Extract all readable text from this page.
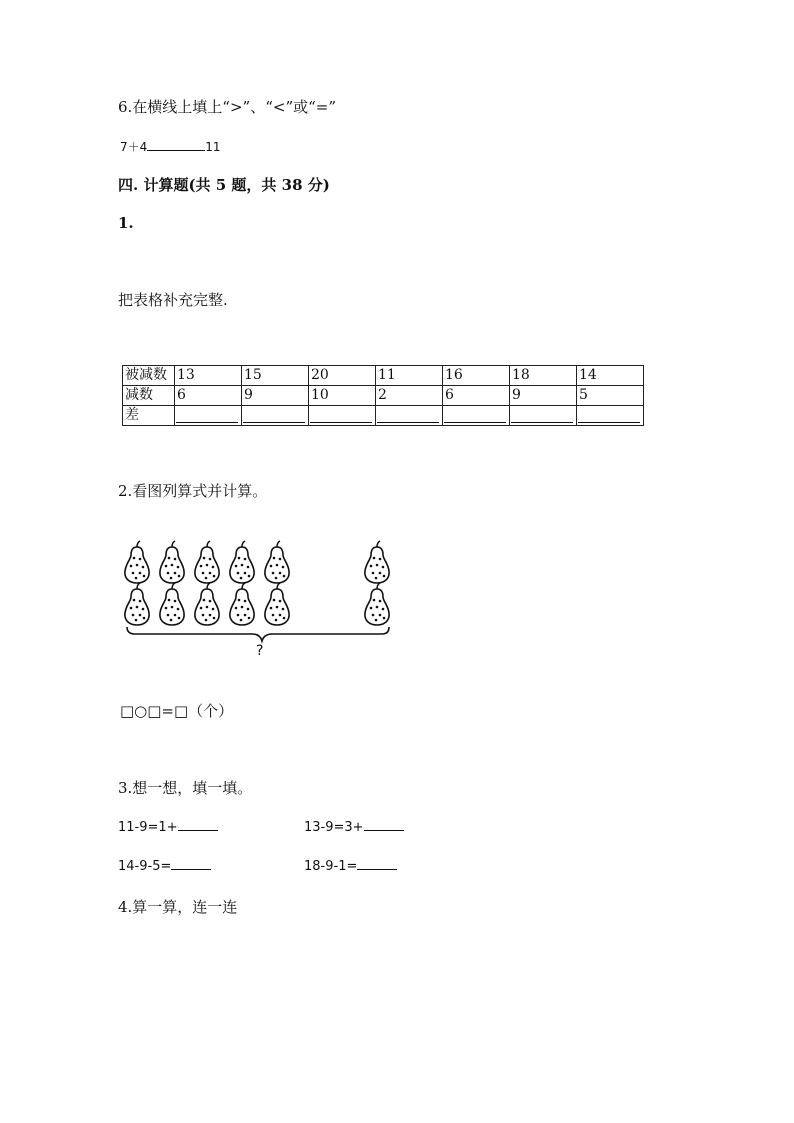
6.在横线上填上“>”、“<”或“=”
7＋4	11
四. 计算题(共 5 题，共 38 分)
1.
把表格补充完整.
被减数	13	15	20	11	16	18	14
减数	6	9	10	2	6	9	5
差	

2.看图列算式并计算。
?
□○□=□（个）
3.想一想，填一填。
11-9=1+	13-9=3+
14-9-5=	18-9-1=
4.算一算，连一连
